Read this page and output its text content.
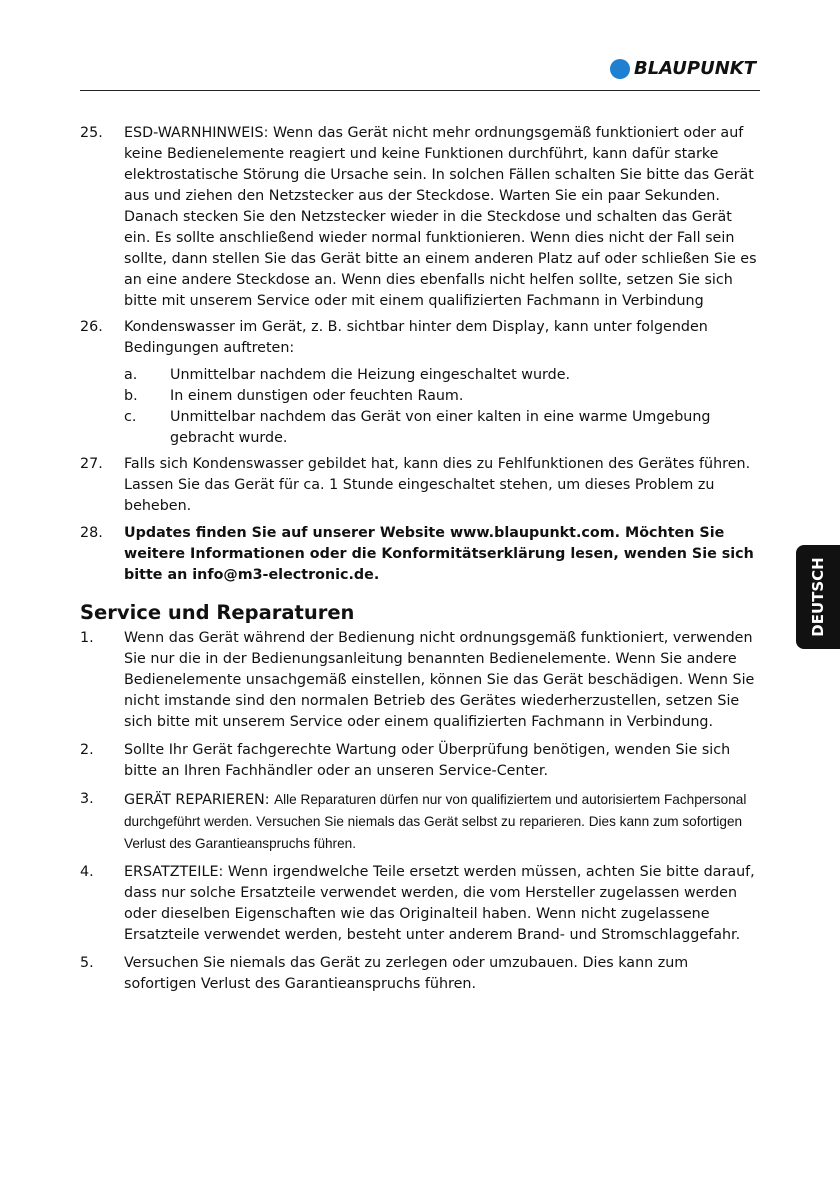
BLAUPUNKT
DEUTSCH
25.	ESD-WARNHINWEIS: Wenn das Gerät nicht mehr ordnungsgemäß funktioniert oder auf keine Bedienelemente reagiert und keine Funktionen durchführt, kann dafür starke elektrostatische Störung die Ursache sein. In solchen Fällen schalten Sie bitte das Gerät aus und ziehen den Netzstecker aus der Steckdose. Warten Sie ein paar Sekunden. Danach stecken Sie den Netzstecker wieder in die Steckdose und schalten das Gerät ein. Es sollte anschließend wieder normal funktionieren. Wenn dies nicht der Fall sein sollte, dann stellen Sie das Gerät bitte an einem anderen Platz auf oder schließen Sie es an eine andere Steckdose an. Wenn dies ebenfalls nicht helfen sollte, setzen Sie sich bitte mit unserem Service oder mit einem qualifizierten Fachmann in Verbindung
26.	Kondenswasser im Gerät, z. B. sichtbar hinter dem Display, kann unter folgenden Bedingungen auftreten:
a.	Unmittelbar nachdem die Heizung eingeschaltet wurde.
b.	In einem dunstigen oder feuchten Raum.
c.	Unmittelbar nachdem das Gerät von einer kalten in eine warme Umgebung gebracht wurde.
27.	Falls sich Kondenswasser gebildet hat, kann dies zu Fehlfunktionen des Gerätes führen. Lassen Sie das Gerät für ca. 1 Stunde eingeschaltet stehen, um dieses Problem zu beheben.
28.	Updates finden Sie auf unserer Website www.blaupunkt.com. Möchten Sie weitere Informationen oder die Konformitätserklärung lesen, wenden Sie sich bitte an info@m3-electronic.de.
Service und Reparaturen
1.	Wenn das Gerät während der Bedienung nicht ordnungsgemäß funktioniert, verwenden Sie nur die in der Bedienungsanleitung benannten Bedienelemente. Wenn Sie andere Bedienelemente unsachgemäß einstellen, können Sie das Gerät beschädigen. Wenn Sie nicht imstande sind den normalen Betrieb des Gerätes wiederherzustellen, setzen Sie sich bitte mit unserem Service oder einem qualifizierten Fachmann in Verbindung.
2.	Sollte Ihr Gerät fachgerechte Wartung oder Überprüfung benötigen, wenden Sie sich bitte an Ihren Fachhändler oder an unseren Service-Center.
3.	GERÄT REPARIEREN: Alle Reparaturen dürfen nur von qualifiziertem und autorisiertem Fachpersonal durchgeführt werden. Versuchen Sie niemals das Gerät selbst zu reparieren. Dies kann zum sofortigen Verlust des Garantieanspruchs führen.
4.	ERSATZTEILE: Wenn irgendwelche Teile ersetzt werden müssen, achten Sie bitte darauf, dass nur solche Ersatzteile verwendet werden, die vom Hersteller zugelassen werden oder dieselben Eigenschaften wie das Originalteil haben. Wenn nicht zugelassene Ersatzteile verwendet werden, besteht unter anderem Brand- und Stromschlaggefahr.
5.	Versuchen Sie niemals das Gerät zu zerlegen oder umzubauen. Dies kann zum sofortigen Verlust des Garantieanspruchs führen.
